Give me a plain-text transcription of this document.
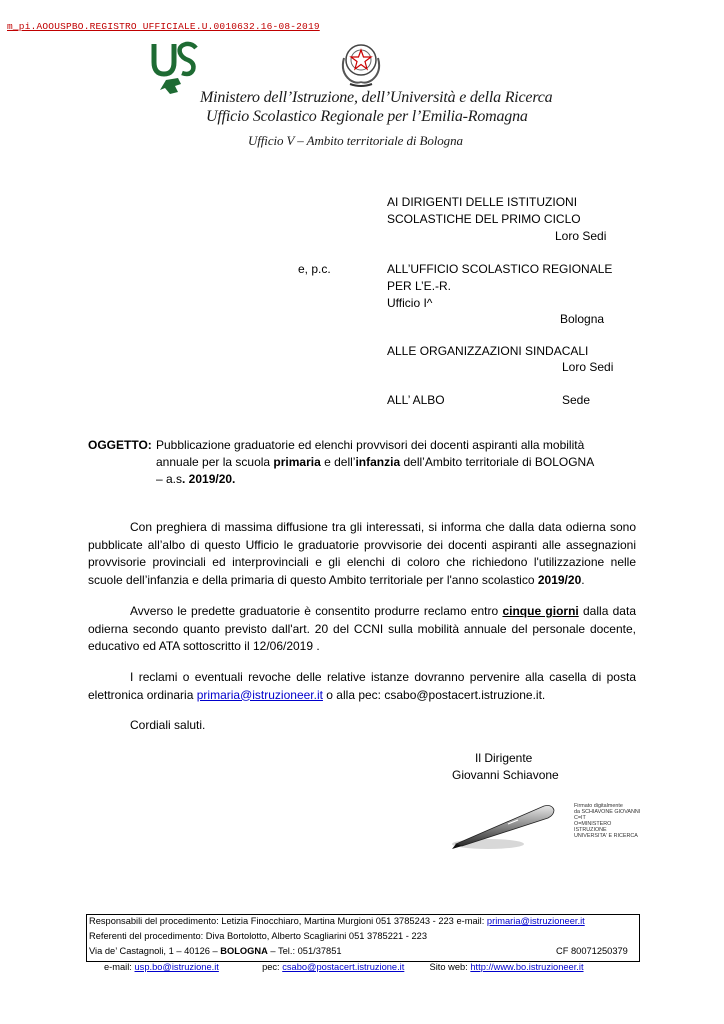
m_pi.AOOUSPBO.REGISTRO UFFICIALE.U.0010632.16-08-2019
Ministero dell’Istruzione, dell’Università e della Ricerca
Ufficio Scolastico Regionale per l’Emilia-Romagna
Ufficio V – Ambito territoriale di Bologna
AI DIRIGENTI DELLE ISTITUZIONI
SCOLASTICHE DEL PRIMO CICLO
Loro Sedi
e, p.c.	ALL’UFFICIO SCOLASTICO REGIONALE
PER L’E.-R.
Ufficio I^
Bologna
ALLE ORGANIZZAZIONI SINDACALI
Loro Sedi
ALL’ ALBO	Sede
OGGETTO: Pubblicazione graduatorie ed elenchi provvisori dei docenti aspiranti alla mobilità
annuale per la scuola primaria e dell’infanzia dell’Ambito territoriale di BOLOGNA
– a.s. 2019/20.
Con preghiera di massima diffusione tra gli interessati, si informa che dalla data odierna sono pubblicate all’albo di questo Ufficio le graduatorie provvisorie dei docenti aspiranti alle assegnazioni provvisorie provinciali ed interprovinciali e gli elenchi di coloro che richiedono l'utilizzazione nelle scuole dell’infanzia e della primaria di questo Ambito territoriale per l'anno scolastico 2019/20.
Avverso le predette graduatorie è consentito produrre reclamo entro cinque giorni dalla data odierna secondo quanto previsto dall'art. 20 del CCNI sulla mobilità annuale del personale docente, educativo ed ATA sottoscritto il 12/06/2019 .
I reclami o eventuali revoche delle relative istanze dovranno pervenire alla casella di posta elettronica ordinaria primaria@istruzioneer.it o alla pec: csabo@postacert.istruzione.it.
Cordiali saluti.
Il Dirigente
Giovanni Schiavone
Firmato digitalmente
da SCHIAVONE GIOVANNI
C=IT
O=MINISTERO
ISTRUZIONE
UNIVERSITA' E RICERCA
Responsabili del procedimento: Letizia Finocchiaro, Martina Murgioni 051 3785243 - 223 e-mail: primaria@istruzioneer.it
Referenti del procedimento: Diva Bortolotto, Alberto Scagliarini 051 3785221 - 223
Via de’ Castagnoli, 1 – 40126 – BOLOGNA – Tel.: 051/37851	CF 80071250379
e-mail: usp.bo@istruzione.it	pec: csabo@postacert.istruzione.it	Sito web: http://www.bo.istruzioneer.it
